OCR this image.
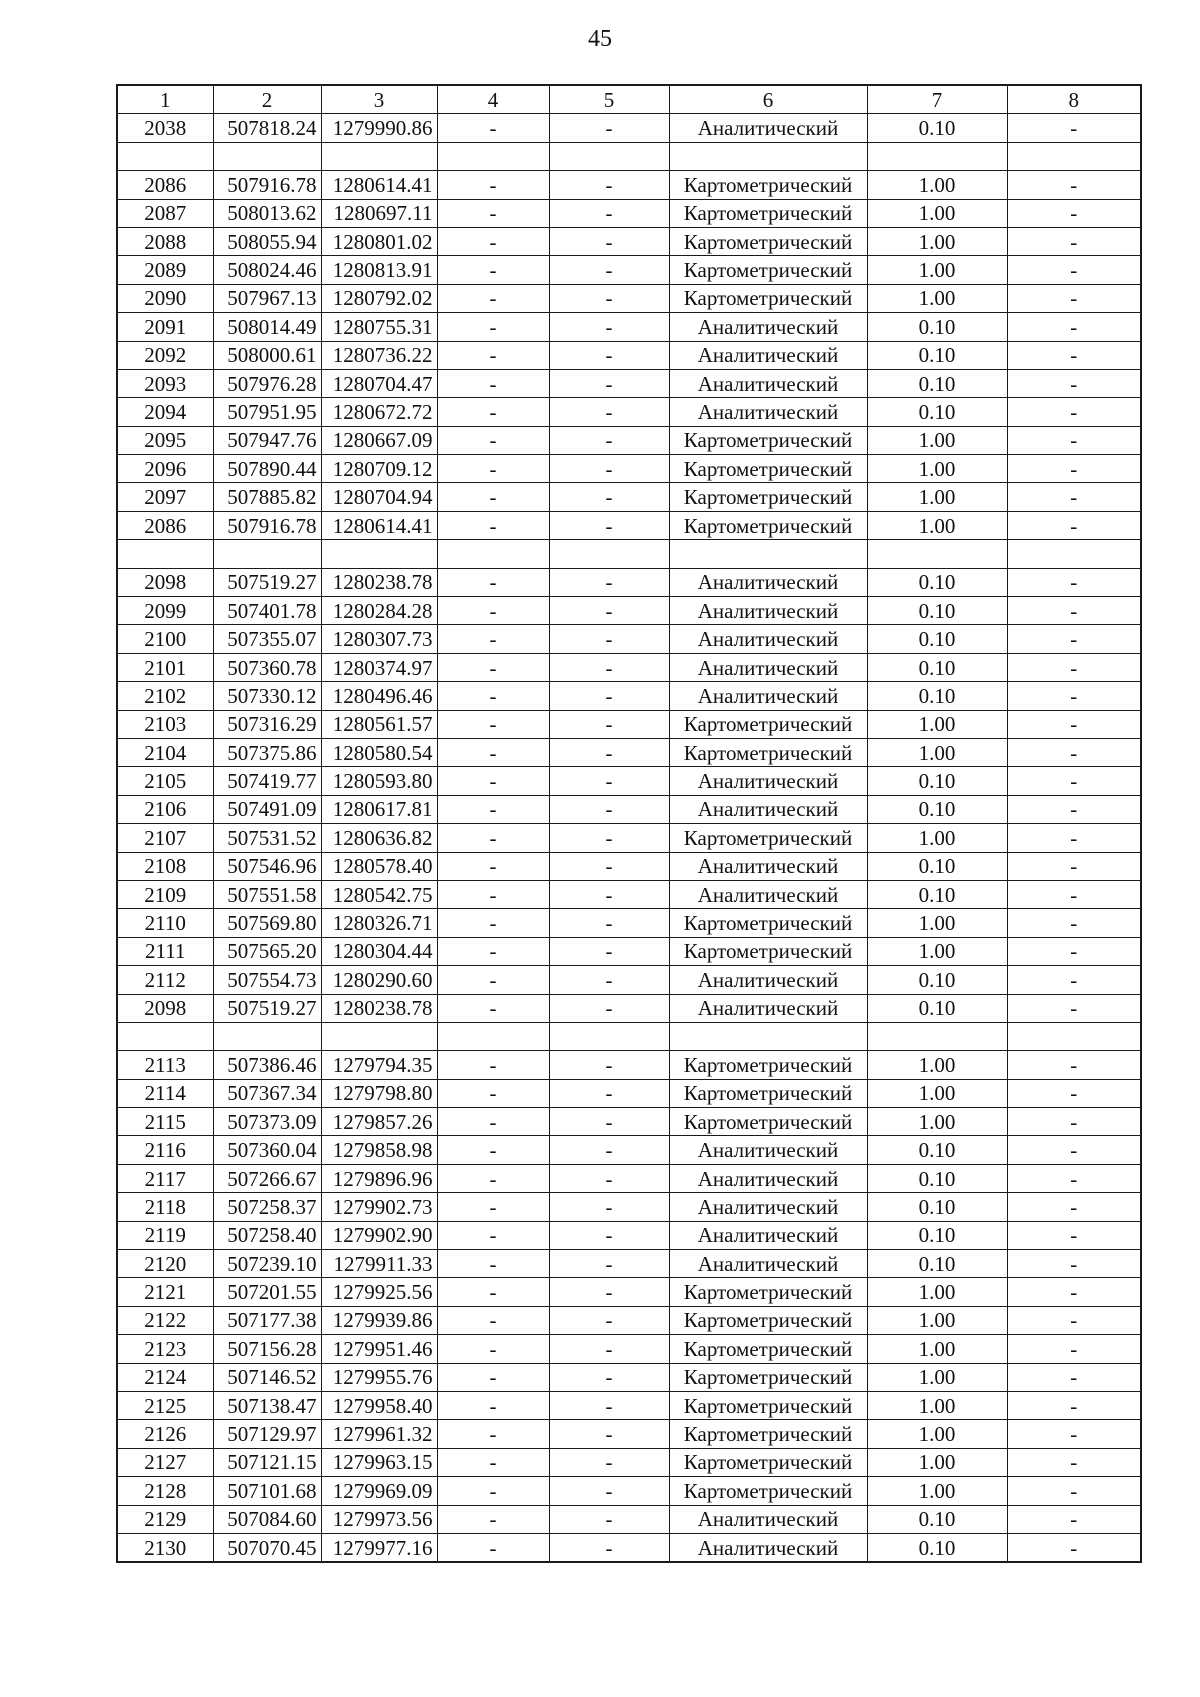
45
1	2	3	4	5	6	7	8
2038	507818.24	1279990.86	-	-	Аналитический	0.10	-

2086	507916.78	1280614.41	-	-	Картометрический	1.00	-
2087	508013.62	1280697.11	-	-	Картометрический	1.00	-
2088	508055.94	1280801.02	-	-	Картометрический	1.00	-
2089	508024.46	1280813.91	-	-	Картометрический	1.00	-
2090	507967.13	1280792.02	-	-	Картометрический	1.00	-
2091	508014.49	1280755.31	-	-	Аналитический	0.10	-
2092	508000.61	1280736.22	-	-	Аналитический	0.10	-
2093	507976.28	1280704.47	-	-	Аналитический	0.10	-
2094	507951.95	1280672.72	-	-	Аналитический	0.10	-
2095	507947.76	1280667.09	-	-	Картометрический	1.00	-
2096	507890.44	1280709.12	-	-	Картометрический	1.00	-
2097	507885.82	1280704.94	-	-	Картометрический	1.00	-
2086	507916.78	1280614.41	-	-	Картометрический	1.00	-

2098	507519.27	1280238.78	-	-	Аналитический	0.10	-
2099	507401.78	1280284.28	-	-	Аналитический	0.10	-
2100	507355.07	1280307.73	-	-	Аналитический	0.10	-
2101	507360.78	1280374.97	-	-	Аналитический	0.10	-
2102	507330.12	1280496.46	-	-	Аналитический	0.10	-
2103	507316.29	1280561.57	-	-	Картометрический	1.00	-
2104	507375.86	1280580.54	-	-	Картометрический	1.00	-
2105	507419.77	1280593.80	-	-	Аналитический	0.10	-
2106	507491.09	1280617.81	-	-	Аналитический	0.10	-
2107	507531.52	1280636.82	-	-	Картометрический	1.00	-
2108	507546.96	1280578.40	-	-	Аналитический	0.10	-
2109	507551.58	1280542.75	-	-	Аналитический	0.10	-
2110	507569.80	1280326.71	-	-	Картометрический	1.00	-
2111	507565.20	1280304.44	-	-	Картометрический	1.00	-
2112	507554.73	1280290.60	-	-	Аналитический	0.10	-
2098	507519.27	1280238.78	-	-	Аналитический	0.10	-

2113	507386.46	1279794.35	-	-	Картометрический	1.00	-
2114	507367.34	1279798.80	-	-	Картометрический	1.00	-
2115	507373.09	1279857.26	-	-	Картометрический	1.00	-
2116	507360.04	1279858.98	-	-	Аналитический	0.10	-
2117	507266.67	1279896.96	-	-	Аналитический	0.10	-
2118	507258.37	1279902.73	-	-	Аналитический	0.10	-
2119	507258.40	1279902.90	-	-	Аналитический	0.10	-
2120	507239.10	1279911.33	-	-	Аналитический	0.10	-
2121	507201.55	1279925.56	-	-	Картометрический	1.00	-
2122	507177.38	1279939.86	-	-	Картометрический	1.00	-
2123	507156.28	1279951.46	-	-	Картометрический	1.00	-
2124	507146.52	1279955.76	-	-	Картометрический	1.00	-
2125	507138.47	1279958.40	-	-	Картометрический	1.00	-
2126	507129.97	1279961.32	-	-	Картометрический	1.00	-
2127	507121.15	1279963.15	-	-	Картометрический	1.00	-
2128	507101.68	1279969.09	-	-	Картометрический	1.00	-
2129	507084.60	1279973.56	-	-	Аналитический	0.10	-
2130	507070.45	1279977.16	-	-	Аналитический	0.10	-
